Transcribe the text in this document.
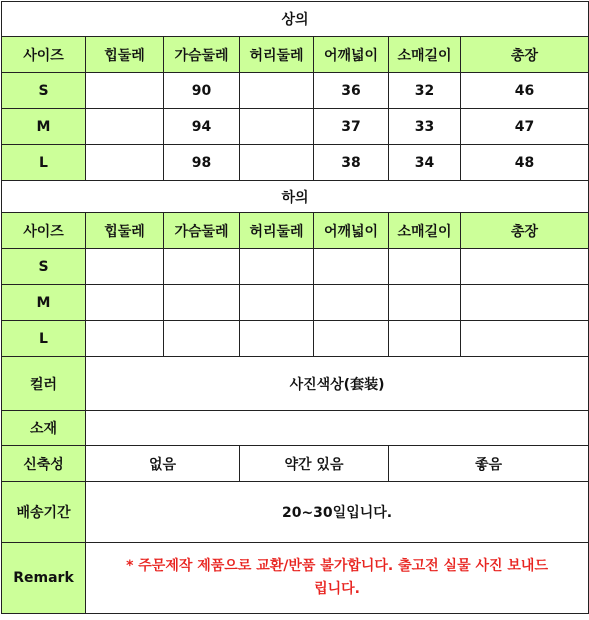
상의						
사이즈	힙둘레	가슴둘레	허리둘레	어깨넓이	소매길이	총장
S		90		36	32	46
M		94		37	33	47
L		98		38	34	48
하의						
사이즈	힙둘레	가슴둘레	허리둘레	어깨넓이	소매길이	총장
S						
M						
L						
컬러	사진색상(套装)					
소재						
신축성	없음		약간 있음		좋음	
배송기간	20~30일입니다.					
Remark	* 주문제작 제품으로 교환/반품 불가합니다. 출고전 실물 사진 보내드립니다.					
